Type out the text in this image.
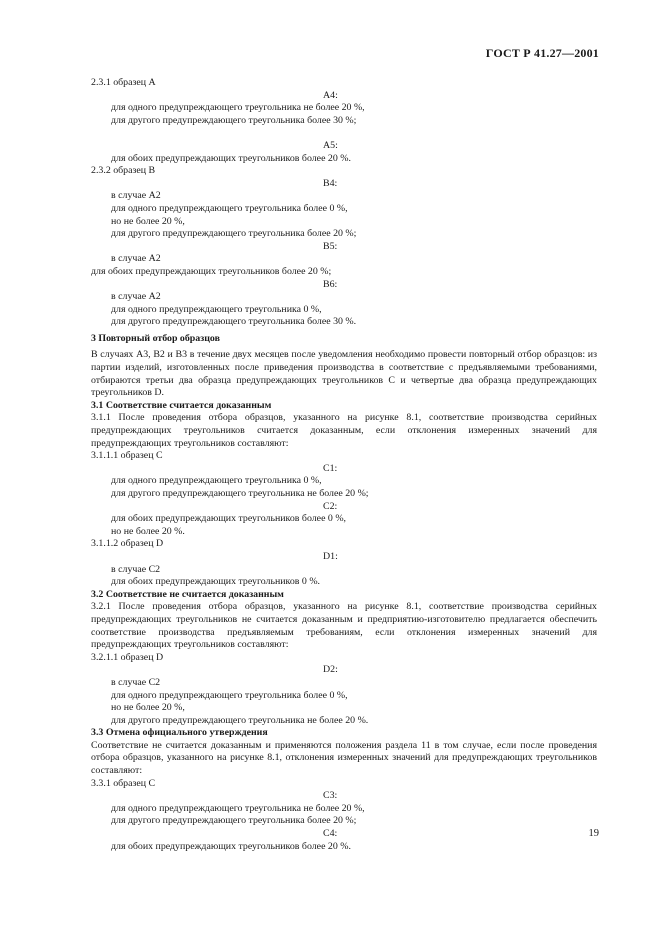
ГОСТ Р 41.27—2001

2.3.1 образец А

А4:

для одного предупреждающего треугольника не более 20 %,

для другого предупреждающего треугольника более 30 %;

А5:

для обоих предупреждающих треугольников более 20 %.

2.3.2 образец В

В4:

в случае А2

для одного предупреждающего треугольника более 0 %,

но не более 20 %,

для другого предупреждающего треугольника более 20 %;

В5:

в случае А2

для обоих предупреждающих треугольников более 20 %;

В6:

в случае А2

для одного предупреждающего треугольника 0 %,

для другого предупреждающего треугольника более 30 %.

3 Повторный отбор образцов

В случаях А3, В2 и В3 в течение двух месяцев после уведомления необходимо провести повторный отбор образцов: из партии изделий, изготовленных после приведения производства в соответствие с предъявляемыми требованиями, отбираются третьи два образца предупреждающих треугольников С и четвертые два образца предупреждающих треугольников D.

3.1 Соответствие считается доказанным

3.1.1 После проведения отбора образцов, указанного на рисунке 8.1, соответствие производства серийных предупреждающих треугольников считается доказанным, если отклонения измеренных значений для предупреждающих треугольников составляют:

3.1.1.1 образец С

С1:

для одного предупреждающего треугольника 0 %,

для другого предупреждающего треугольника не более 20 %;

С2:

для обоих предупреждающих треугольников более 0 %,

но не более 20 %.

3.1.1.2 образец D

D1:

в случае С2

для обоих предупреждающих треугольников 0 %.

3.2 Соответствие не считается доказанным

3.2.1 После проведения отбора образцов, указанного на рисунке 8.1, соответствие производства серийных предупреждающих треугольников не считается доказанным и предприятию-изготовителю предлагается обеспечить соответствие производства предъявляемым требованиям, если отклонения измеренных значений для предупреждающих треугольников составляют:

3.2.1.1 образец D

D2:

в случае С2

для одного предупреждающего треугольника более 0 %,

но не более 20 %,

для другого предупреждающего треугольника не более 20 %.

3.3 Отмена официального утверждения

Соответствие не считается доказанным и применяются положения раздела 11 в том случае, если после проведения отбора образцов, указанного на рисунке 8.1, отклонения измеренных значений для предупреждающих треугольников составляют:

3.3.1 образец С

С3:

для одного предупреждающего треугольника не более 20 %,

для другого предупреждающего треугольника более 20 %;

С4:

для обоих предупреждающих треугольников более 20 %.

19
